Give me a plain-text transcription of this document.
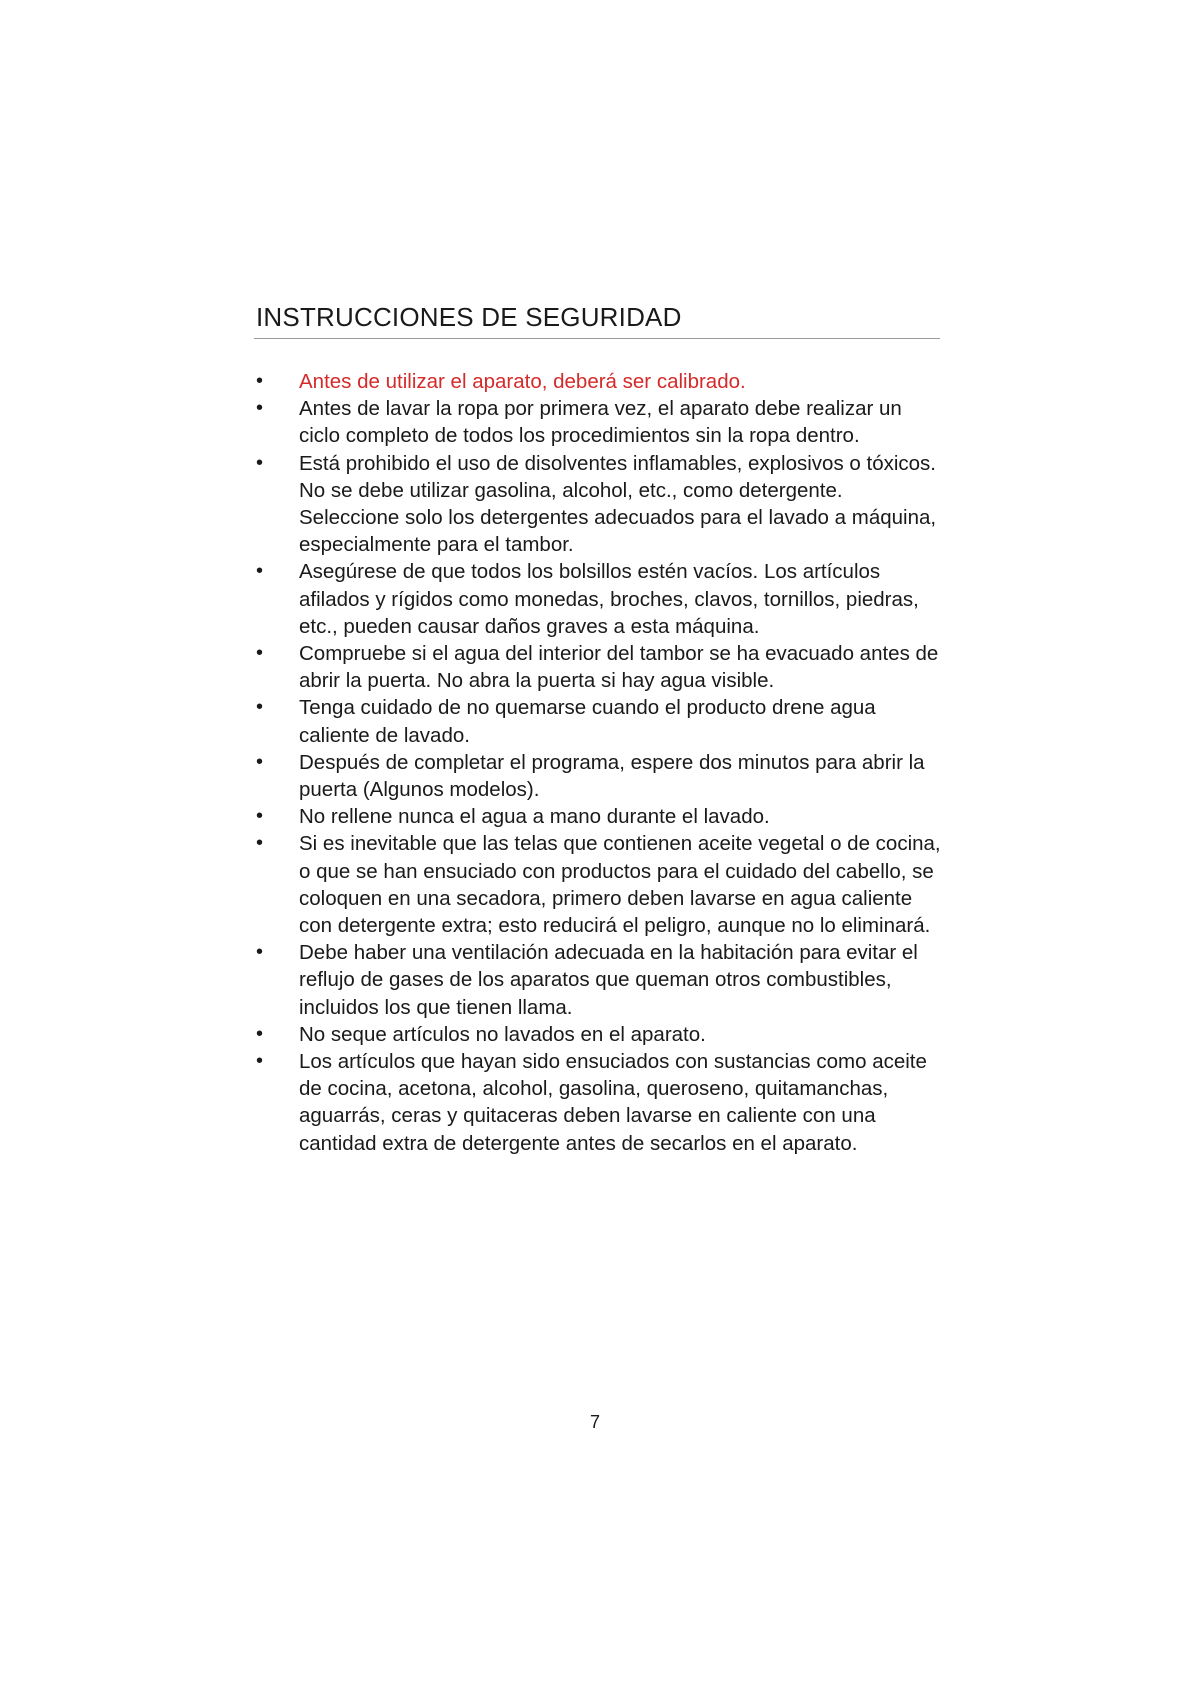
INSTRUCCIONES DE SEGURIDAD
•	Antes de utilizar el aparato, deberá ser calibrado.
•	Antes de lavar la ropa por primera vez, el aparato debe realizar un ciclo completo de todos los procedimientos sin la ropa dentro.
•	Está prohibido el uso de disolventes inflamables, explosivos o tóxicos. No se debe utilizar gasolina, alcohol, etc., como detergente. Seleccione solo los detergentes adecuados para el lavado a máquina, especialmente para el tambor.
•	Asegúrese de que todos los bolsillos estén vacíos. Los artículos afilados y rígidos como monedas, broches, clavos, tornillos, piedras, etc., pueden causar daños graves a esta máquina.
•	Compruebe si el agua del interior del tambor se ha evacuado antes de abrir la puerta. No abra la puerta si hay agua visible.
•	Tenga cuidado de no quemarse cuando el producto drene agua caliente de lavado.
•	Después de completar el programa, espere dos minutos para abrir la puerta (Algunos modelos).
•	No rellene nunca el agua a mano durante el lavado.
•	Si es inevitable que las telas que contienen aceite vegetal o de cocina, o que se han ensuciado con productos para el cuidado del cabello, se coloquen en una secadora, primero deben lavarse en agua caliente con detergente extra; esto reducirá el peligro, aunque no lo eliminará.
•	Debe haber una ventilación adecuada en la habitación para evitar el reflujo de gases de los aparatos que queman otros combustibles, incluidos los que tienen llama.
•	No seque artículos no lavados en el aparato.
•	Los artículos que hayan sido ensuciados con sustancias como aceite de cocina, acetona, alcohol, gasolina, queroseno, quitamanchas, aguarrás, ceras y quitaceras deben lavarse en caliente con una cantidad extra de detergente antes de secarlos en el aparato.
7
